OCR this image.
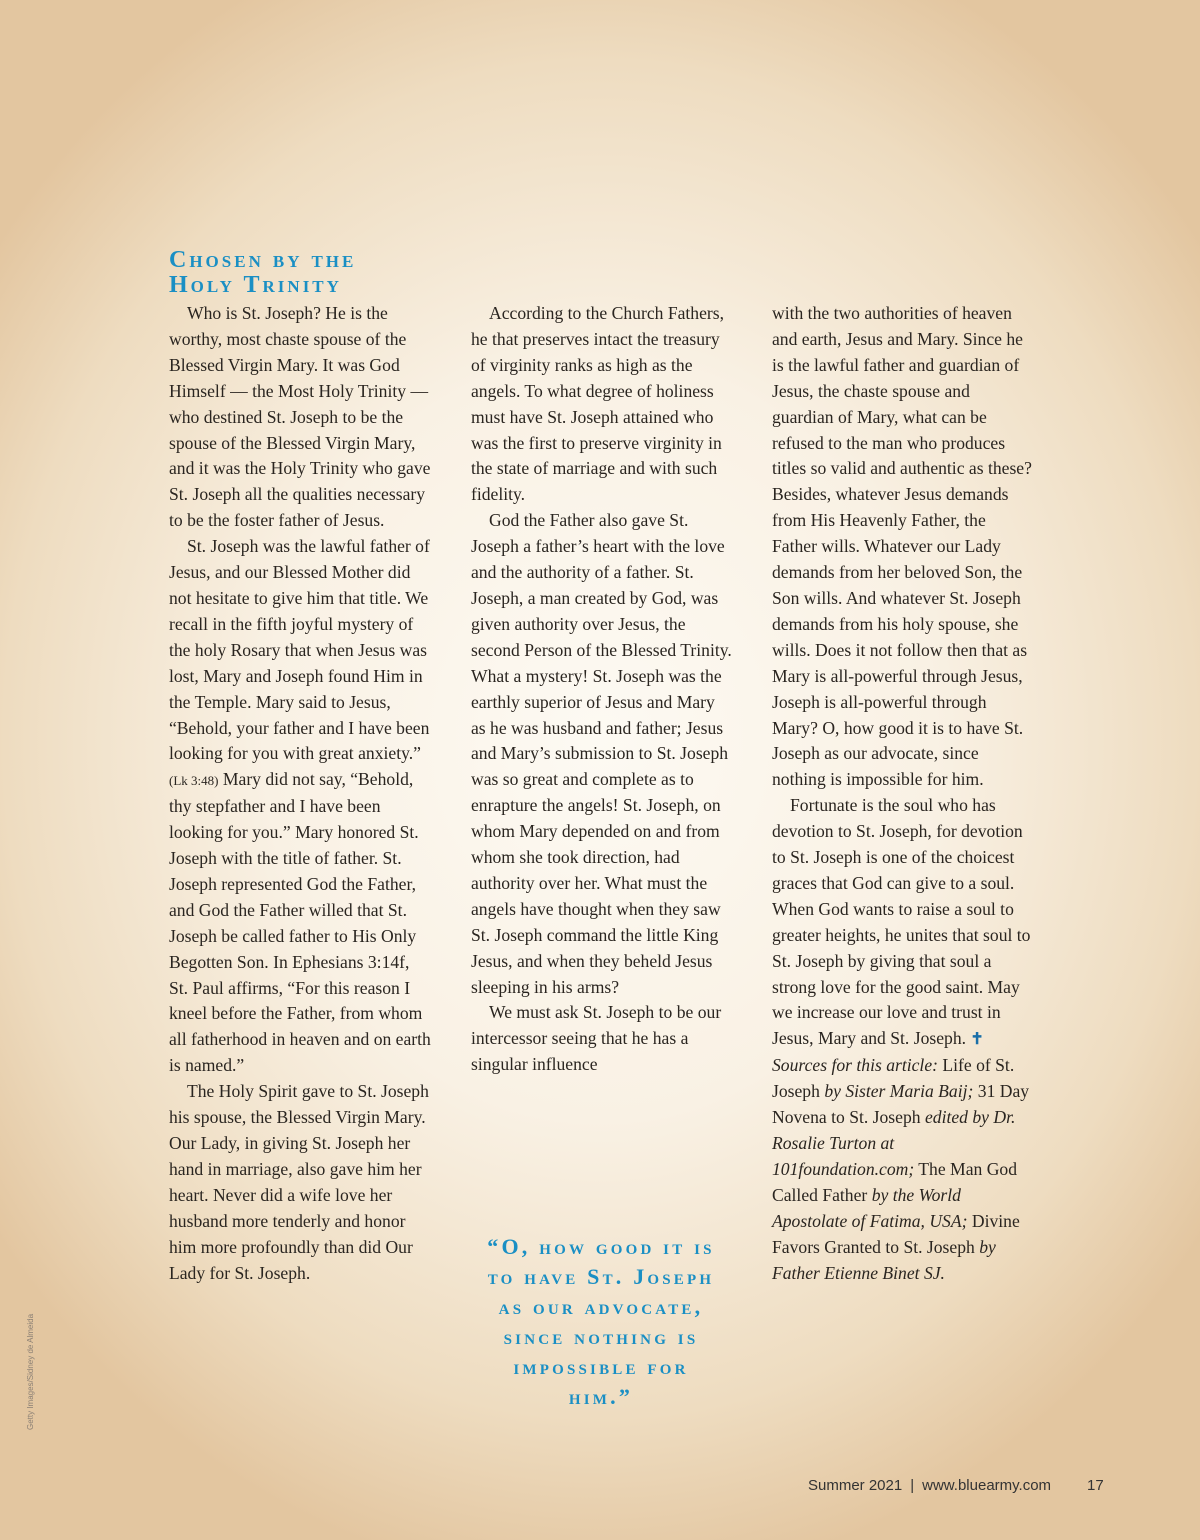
Chosen by the Holy Trinity

Who is St. Joseph? He is the worthy, most chaste spouse of the Blessed Virgin Mary. It was God Himself — the Most Holy Trinity — who destined St. Joseph to be the spouse of the Blessed Virgin Mary, and it was the Holy Trinity who gave St. Joseph all the qualities necessary to be the foster father of Jesus.

St. Joseph was the lawful father of Jesus, and our Blessed Mother did not hesitate to give him that title. We recall in the fifth joyful mystery of the holy Rosary that when Jesus was lost, Mary and Joseph found Him in the Temple. Mary said to Jesus, “Behold, your father and I have been looking for you with great anxiety.” (Lk 3:48) Mary did not say, “Behold, thy stepfather and I have been looking for you.” Mary honored St. Joseph with the title of father. St. Joseph represented God the Father, and God the Father willed that St. Joseph be called father to His Only Begotten Son. In Ephesians 3:14f, St. Paul affirms, “For this reason I kneel before the Father, from whom all fatherhood in heaven and on earth is named.”

The Holy Spirit gave to St. Joseph his spouse, the Blessed Virgin Mary. Our Lady, in giving St. Joseph her hand in marriage, also gave him her heart. Never did a wife love her husband more tenderly and honor him more profoundly than did Our Lady for St. Joseph.

According to the Church Fathers, he that preserves intact the treasury of virginity ranks as high as the angels. To what degree of holiness must have St. Joseph attained who was the first to preserve virginity in the state of marriage and with such fidelity.

God the Father also gave St. Joseph a father’s heart with the love and the authority of a father. St. Joseph, a man created by God, was given authority over Jesus, the second Person of the Blessed Trinity. What a mystery! St. Joseph was the earthly superior of Jesus and Mary as he was husband and father; Jesus and Mary’s submission to St. Joseph was so great and complete as to enrapture the angels! St. Joseph, on whom Mary depended on and from whom she took direction, had authority over her. What must the angels have thought when they saw St. Joseph command the little King Jesus, and when they beheld Jesus sleeping in his arms?

We must ask St. Joseph to be our intercessor seeing that he has a singular influence

“O, how good it is to have St. Joseph as our advocate, since nothing is impossible for him.”

with the two authorities of heaven and earth, Jesus and Mary. Since he is the lawful father and guardian of Jesus, the chaste spouse and guardian of Mary, what can be refused to the man who produces titles so valid and authentic as these? Besides, whatever Jesus demands from His Heavenly Father, the Father wills. Whatever our Lady demands from her beloved Son, the Son wills. And whatever St. Joseph demands from his holy spouse, she wills. Does it not follow then that as Mary is all-powerful through Jesus, Joseph is all-powerful through Mary? O, how good it is to have St. Joseph as our advocate, since nothing is impossible for him.

Fortunate is the soul who has devotion to St. Joseph, for devotion to St. Joseph is one of the choicest graces that God can give to a soul. When God wants to raise a soul to greater heights, he unites that soul to St. Joseph by giving that soul a strong love for the good saint. May we increase our love and trust in Jesus, Mary and St. Joseph. ✝

Sources for this article: Life of St. Joseph by Sister Maria Baij; 31 Day Novena to St. Joseph edited by Dr. Rosalie Turton at 101foundation.com; The Man God Called Father by the World Apostolate of Fatima, USA; Divine Favors Granted to St. Joseph by Father Etienne Binet SJ.

Getty Images/Sidney de Almeida
Summer 2021 | www.bluearmy.com 17
